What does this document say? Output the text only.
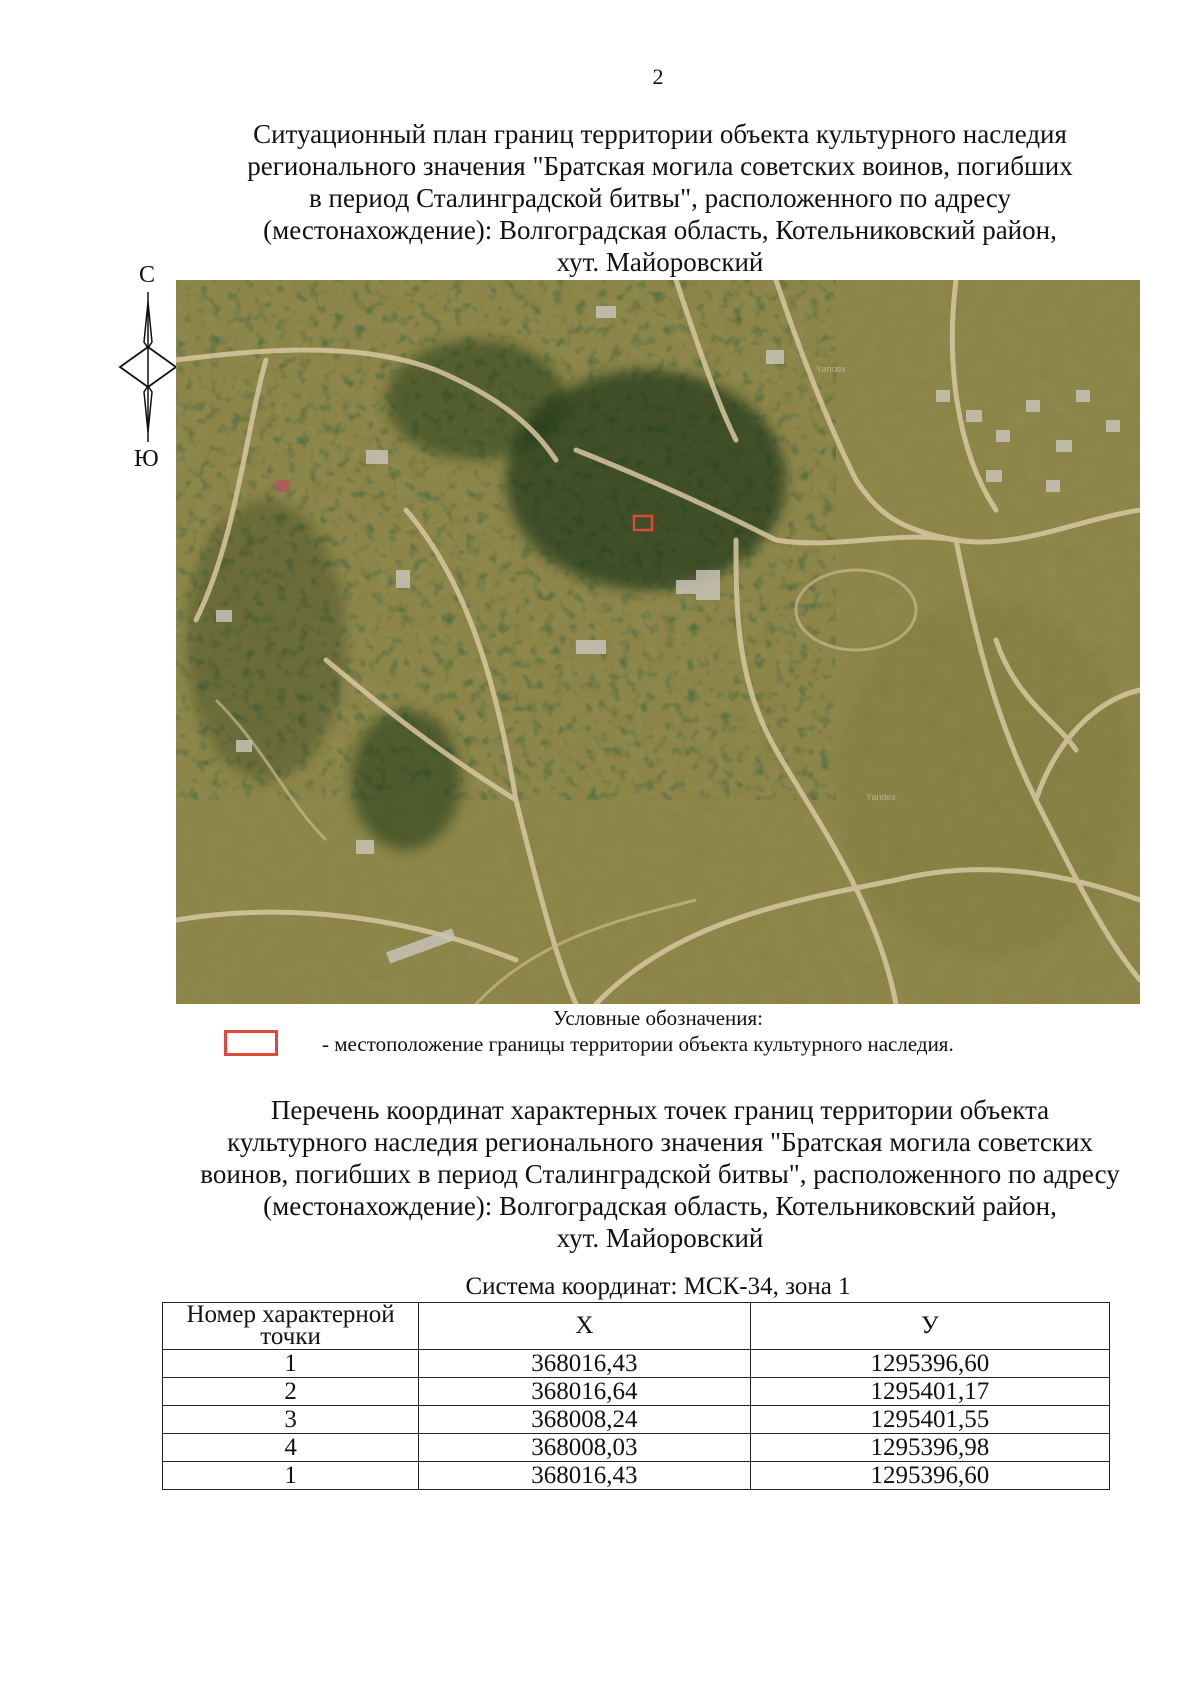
2
Ситуационный план границ территории объекта культурного наследия
регионального значения "Братская могила советских воинов, погибших
в период Сталинградской битвы", расположенного по адресу
(местонахождение): Волгоградская область, Котельниковский район,
хут. Майоровский
С
Ю
Yandex
Yandex
Условные обозначения:
- местоположение границы территории объекта культурного наследия.
Перечень координат характерных точек границ территории объекта
культурного наследия регионального значения "Братская могила советских
воинов, погибших в период Сталинградской битвы", расположенного по адресу
(местонахождение): Волгоградская область, Котельниковский район,
хут. Майоровский
Система координат: МСК-34, зона 1
Номер характерной точки	X	У
1	368016,43	1295396,60
2	368016,64	1295401,17
3	368008,24	1295401,55
4	368008,03	1295396,98
1	368016,43	1295396,60
